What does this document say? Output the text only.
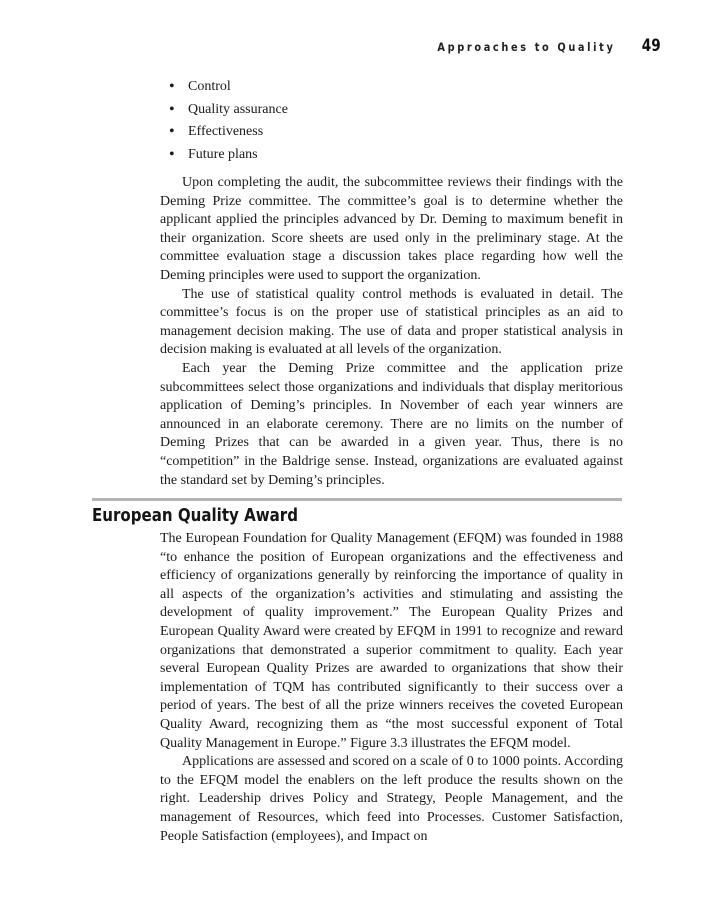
Approaches to Quality 49
• Control
• Quality assurance
• Effectiveness
• Future plans

Upon completing the audit, the subcommittee reviews their findings with the Deming Prize committee. The committee’s goal is to determine whether the applicant applied the principles advanced by Dr. Deming to maximum benefit in their organization. Score sheets are used only in the preliminary stage. At the committee evaluation stage a discussion takes place regarding how well the Deming principles were used to support the organization.

The use of statistical quality control methods is evaluated in detail. The committee’s focus is on the proper use of statistical principles as an aid to management decision making. The use of data and proper statistical analysis in decision making is evaluated at all levels of the organization.

Each year the Deming Prize committee and the application prize subcommittees select those organizations and individuals that display meritorious application of Deming’s principles. In November of each year winners are announced in an elaborate ceremony. There are no limits on the number of Deming Prizes that can be awarded in a given year. Thus, there is no “competition” in the Baldrige sense. Instead, organizations are evaluated against the standard set by Deming’s principles.

European Quality Award

The European Foundation for Quality Management (EFQM) was founded in 1988 “to enhance the position of European organizations and the effectiveness and efficiency of organizations generally by reinforcing the importance of quality in all aspects of the organization’s activities and stimulating and assisting the development of quality improvement.” The European Quality Prizes and European Quality Award were created by EFQM in 1991 to recognize and reward organizations that demonstrated a superior commitment to quality. Each year several European Quality Prizes are awarded to organizations that show their implementation of TQM has contributed significantly to their success over a period of years. The best of all the prize winners receives the coveted European Quality Award, recognizing them as “the most successful exponent of Total Quality Management in Europe.” Figure 3.3 illustrates the EFQM model.

Applications are assessed and scored on a scale of 0 to 1000 points. According to the EFQM model the enablers on the left produce the results shown on the right. Leadership drives Policy and Strategy, People Management, and the management of Resources, which feed into Processes. Customer Satisfaction, People Satisfaction (employees), and Impact on
